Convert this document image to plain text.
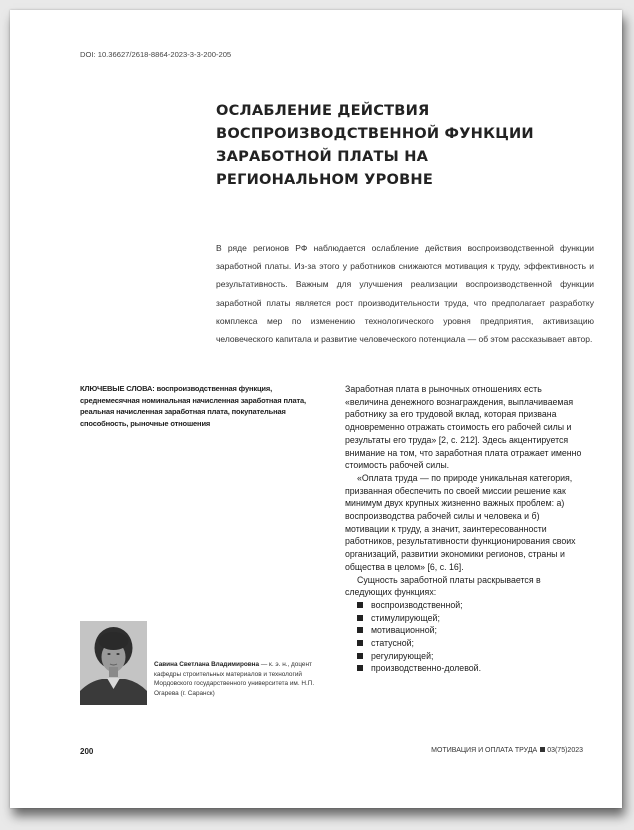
DOI: 10.36627/2618-8864-2023-3-3-200-205
ОСЛАБЛЕНИЕ ДЕЙСТВИЯ ВОСПРОИЗВОДСТВЕННОЙ ФУНКЦИИ ЗАРАБОТНОЙ ПЛАТЫ НА РЕГИОНАЛЬНОМ УРОВНЕ

В ряде регионов РФ наблюдается ослабление действия воспроизводственной функции заработной платы. Из-за этого у работников снижаются мотивация к труду, эффективность и результативность. Важным для улучшения реализации воспроизводственной функции заработной платы является рост производительности труда, что предполагает разработку комплекса мер по изменению технологического уровня предприятия, активизацию человеческого капитала и развитие человеческого потенциала — об этом рассказывает автор.

КЛЮЧЕВЫЕ СЛОВА: воспроизводственная функция, среднемесячная номинальная начисленная заработная плата, реальная начисленная заработная плата, покупательная способность, рыночные отношения

Заработная плата в рыночных отношениях есть «величина денежного вознаграждения, выплачиваемая работнику за его трудовой вклад, которая призвана одновременно отражать стоимость его рабочей силы и результаты его труда» [2, с. 212]. Здесь акцентируется внимание на том, что заработная плата отражает именно стоимость рабочей силы.

«Оплата труда — по природе уникальная категория, призванная обеспечить по своей миссии решение как минимум двух крупных жизненно важных проблем: а) воспроизводства рабочей силы и человека и б) мотивации к труду, а значит, заинтересованности работников, результативности функционирования своих организаций, развитии экономики регионов, страны и общества в целом» [6, с. 16].

Сущность заработной платы раскрывается в следующих функциях:

воспроизводственной;
стимулирующей;
мотивационной;
статусной;
регулирующей;
производственно-долевой.

Савина Светлана Владимировна — к. э. н., доцент кафедры строительных материалов и технологий Мордовского государственного университета им. Н.П. Огарева (г. Саранск)

200	МОТИВАЦИЯ И ОПЛАТА ТРУДА 03(75)2023
